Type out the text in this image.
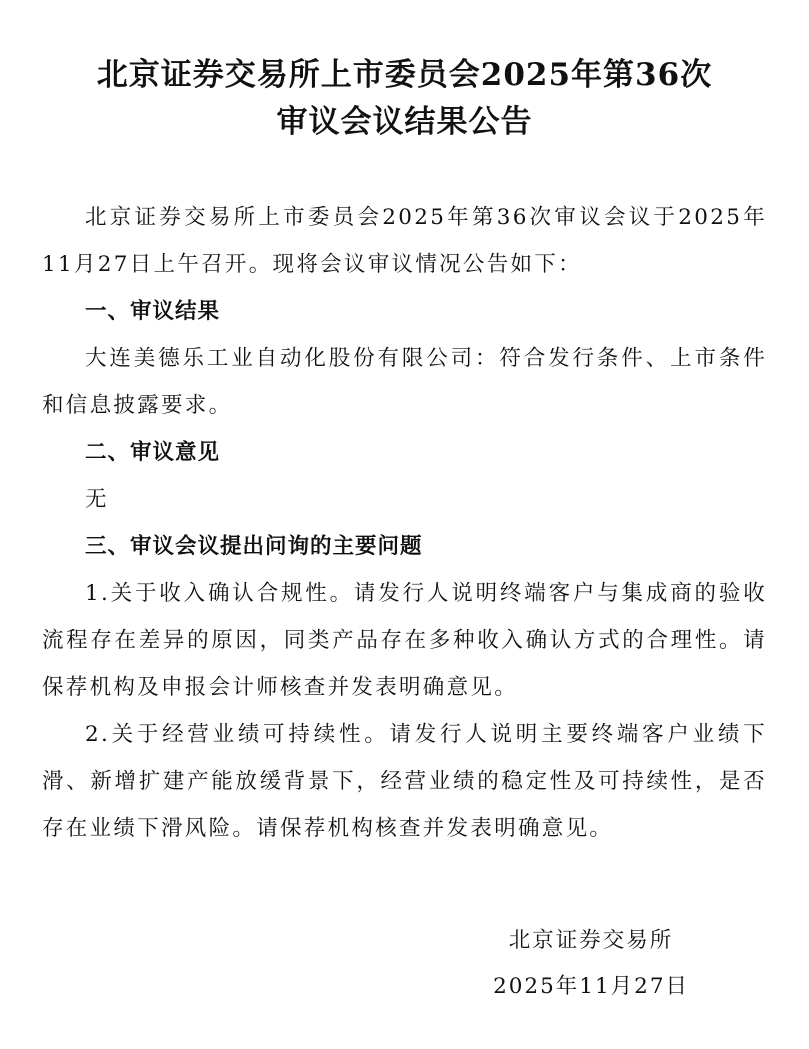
北京证券交易所上市委员会2025年第36次
审议会议结果公告

北京证券交易所上市委员会2025年第36次审议会议于2025年11月27日上午召开。现将会议审议情况公告如下：

一、审议结果

大连美德乐工业自动化股份有限公司：符合发行条件、上市条件和信息披露要求。

二、审议意见

无

三、审议会议提出问询的主要问题

1.关于收入确认合规性。请发行人说明终端客户与集成商的验收流程存在差异的原因，同类产品存在多种收入确认方式的合理性。请保荐机构及申报会计师核查并发表明确意见。

2.关于经营业绩可持续性。请发行人说明主要终端客户业绩下滑、新增扩建产能放缓背景下，经营业绩的稳定性及可持续性，是否存在业绩下滑风险。请保荐机构核查并发表明确意见。

北京证券交易所
2025年11月27日
